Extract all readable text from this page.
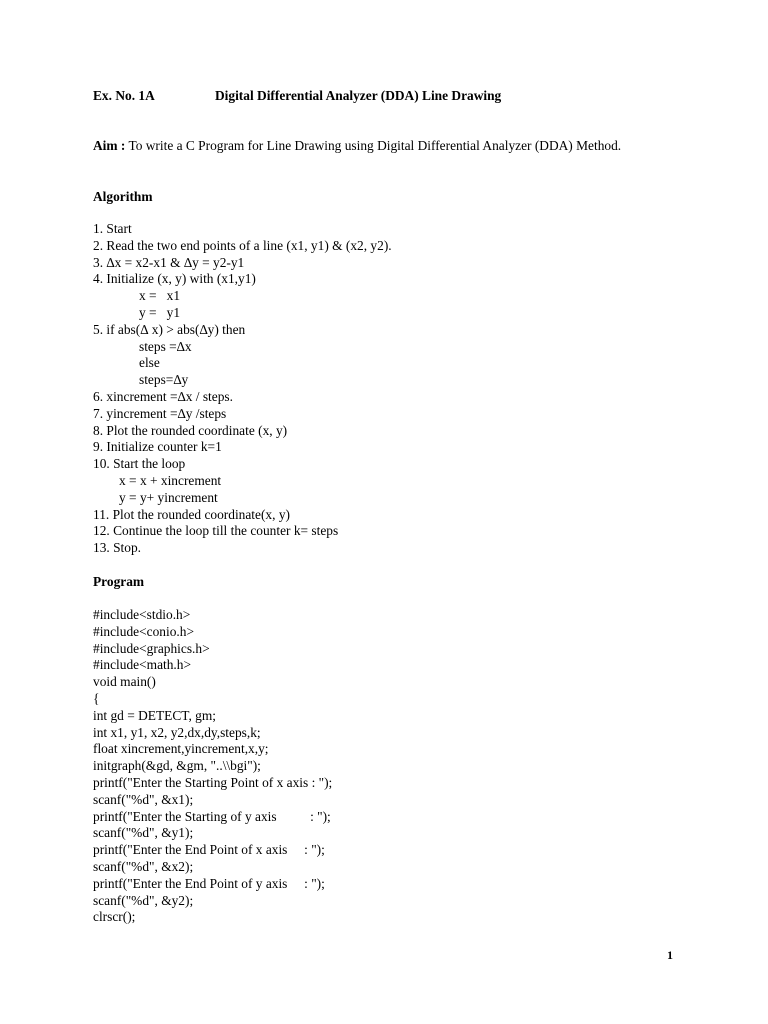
Ex. No. 1A	Digital Differential Analyzer (DDA) Line Drawing
Aim : To write a C Program for Line Drawing using Digital Differential Analyzer (DDA) Method.
Algorithm
1. Start
2. Read the two end points of a line (x1, y1) & (x2, y2).
3. ∆x = x2-x1 & ∆y = y2-y1
4. Initialize (x, y) with (x1,y1)
x =   x1
y =   y1
5. if abs(∆ x) > abs(∆y) then
steps =∆x
else
steps=∆y
6. xincrement =∆x / steps.
7. yincrement =∆y /steps
8. Plot the rounded coordinate (x, y)
9. Initialize counter k=1
10. Start the loop
x = x + xincrement
y = y+ yincrement
11. Plot the rounded coordinate(x, y)
12. Continue the loop till the counter k= steps
13. Stop.
Program
#include<stdio.h>
#include<conio.h>
#include<graphics.h>
#include<math.h>
void main()
{
int gd = DETECT, gm;
int x1, y1, x2, y2,dx,dy,steps,k;
float xincrement,yincrement,x,y;
initgraph(&gd, &gm, "..\\bgi");
printf("Enter the Starting Point of x axis : ");
scanf("%d", &x1);
printf("Enter the Starting of y axis          : ");
scanf("%d", &y1);
printf("Enter the End Point of x axis     : ");
scanf("%d", &x2);
printf("Enter the End Point of y axis     : ");
scanf("%d", &y2);
clrscr();
1
